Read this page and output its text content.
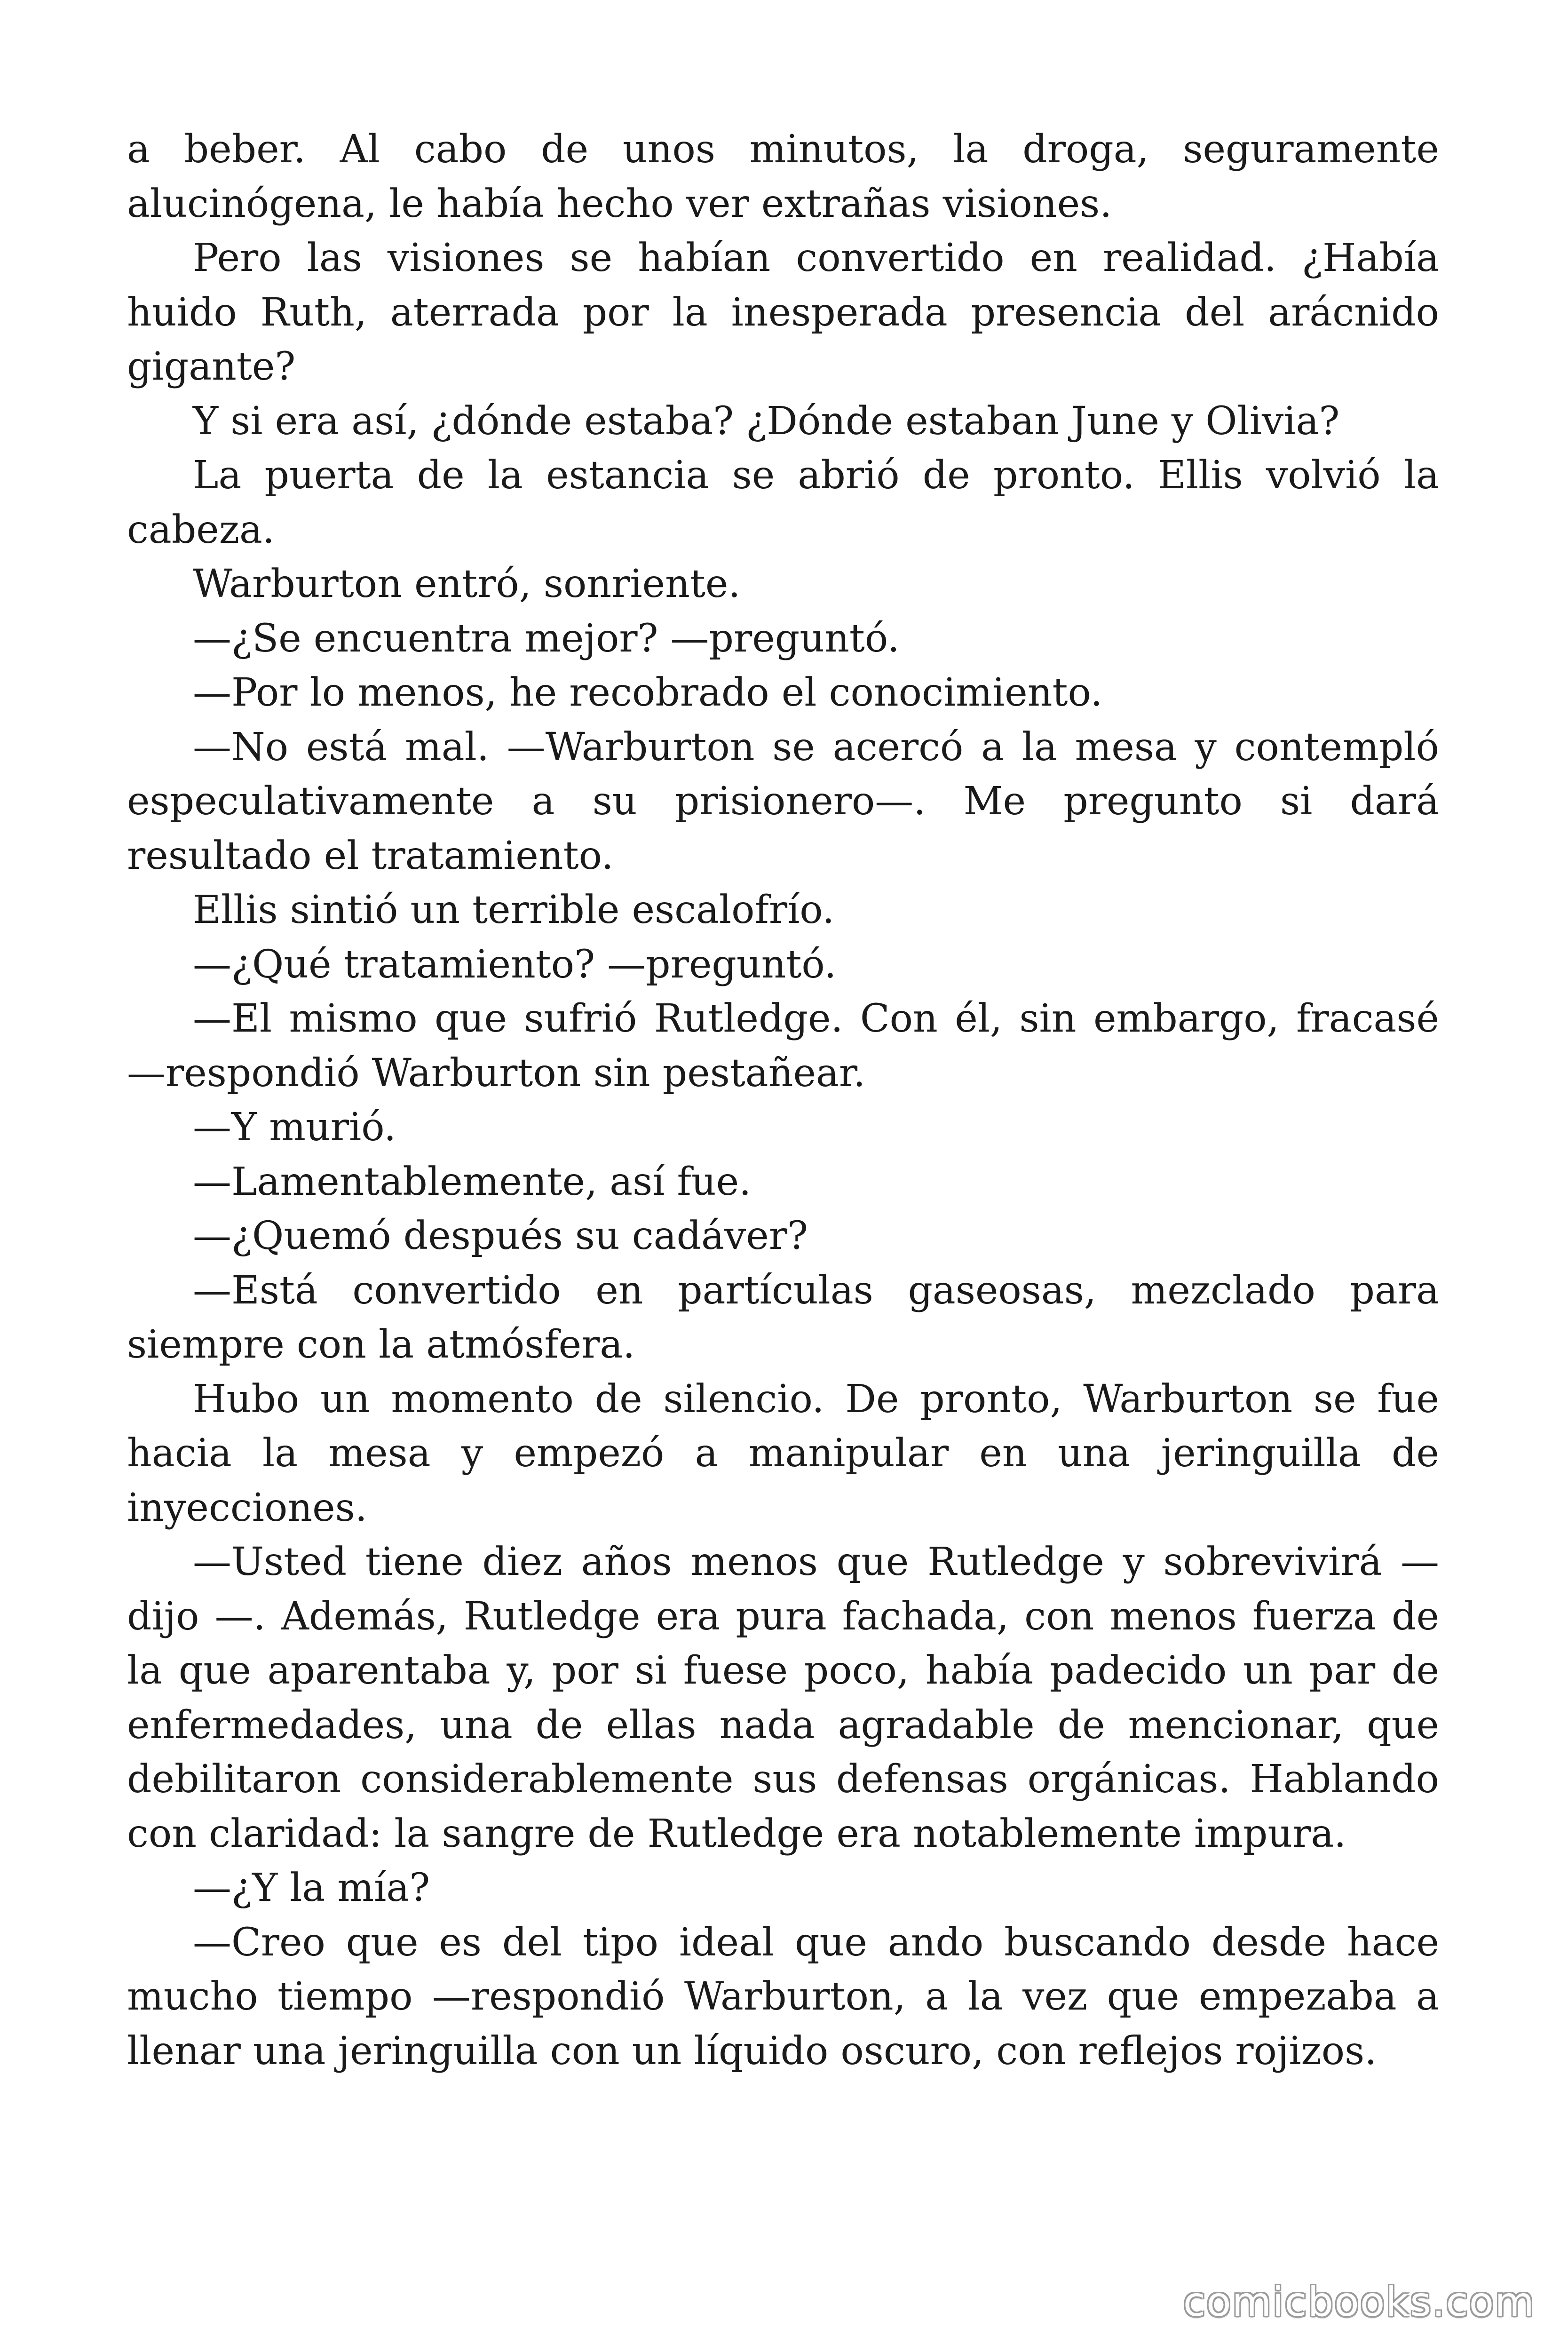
a beber. Al cabo de unos minutos, la droga, seguramente alucinógena, le había hecho ver extrañas visiones.

Pero las visiones se habían convertido en realidad. ¿Había huido Ruth, aterrada por la inesperada presencia del arácnido gigante?

Y si era así, ¿dónde estaba? ¿Dónde estaban June y Olivia?

La puerta de la estancia se abrió de pronto. Ellis volvió la cabeza.

Warburton entró, sonriente.

—¿Se encuentra mejor? —preguntó.

—Por lo menos, he recobrado el conocimiento.

—No está mal. —Warburton se acercó a la mesa y contempló especulativamente a su prisionero—. Me pregunto si dará resultado el tratamiento.

Ellis sintió un terrible escalofrío.

—¿Qué tratamiento? —preguntó.

—El mismo que sufrió Rutledge. Con él, sin embargo, fracasé —respondió Warburton sin pestañear.

—Y murió.

—Lamentablemente, así fue.

—¿Quemó después su cadáver?

—Está convertido en partículas gaseosas, mezclado para siempre con la atmósfera.

Hubo un momento de silencio. De pronto, Warburton se fue hacia la mesa y empezó a manipular en una jeringuilla de inyecciones.

—Usted tiene diez años menos que Rutledge y sobrevivirá —dijo —. Además, Rutledge era pura fachada, con menos fuerza de la que aparentaba y, por si fuese poco, había padecido un par de enfermedades, una de ellas nada agradable de mencionar, que debilitaron considerablemente sus defensas orgánicas. Hablando con claridad: la sangre de Rutledge era notablemente impura.

—¿Y la mía?

—Creo que es del tipo ideal que ando buscando desde hace mucho tiempo —respondió Warburton, a la vez que empezaba a llenar una jeringuilla con un líquido oscuro, con reflejos rojizos.

comicbooks.com
